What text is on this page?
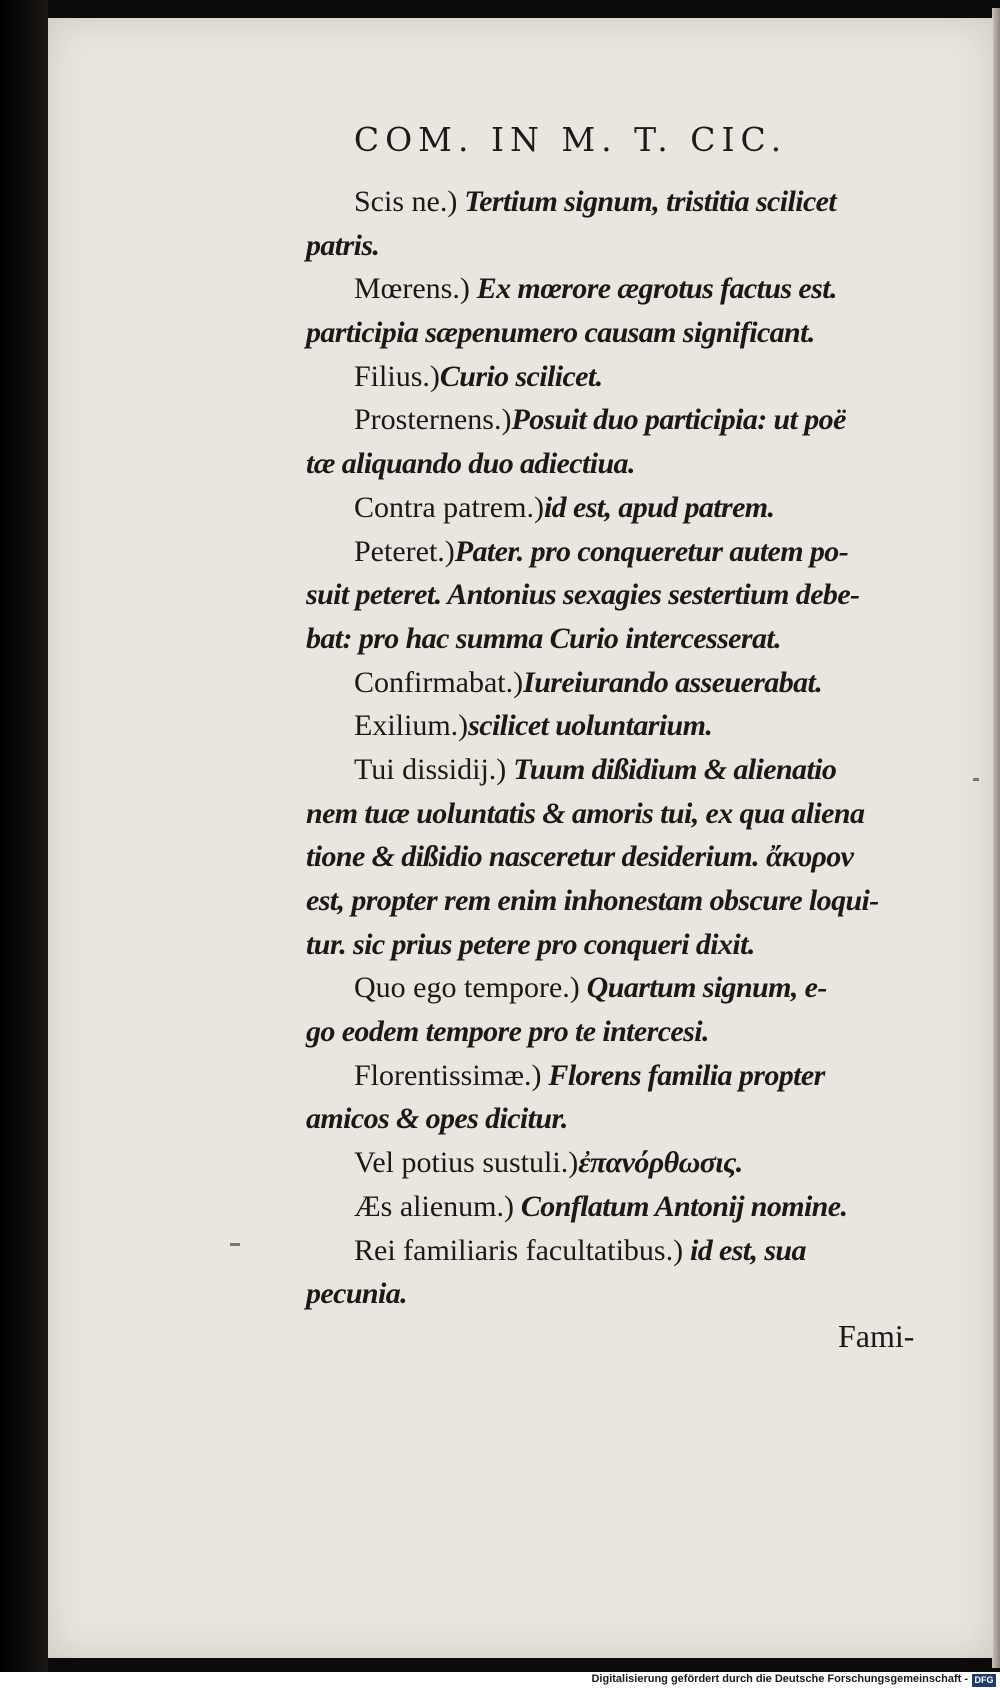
COM. IN M. T. CIC.
Scis ne.) Tertium signum, tristitia scilicet
patris.
Mœrens.) Ex mœrore ægrotus factus est.
participia sæpenumero causam significant.
Filius.)Curio scilicet.
Prosternens.)Posuit duo participia: ut poë
tæ aliquando duo adiectiua.
Contra patrem.)id est, apud patrem.
Peteret.)Pater. pro conqueretur autem po-
suit peteret. Antonius sexagies sestertium debe-
bat: pro hac summa Curio intercesserat.
Confirmabat.)Iureiurando asseuerabat.
Exilium.)scilicet uoluntarium.
Tui dissidij.) Tuum dißidium & alienatio
nem tuæ uoluntatis & amoris tui, ex qua aliena
tione & dißidio nasceretur desiderium. ἄκυρον
est, propter rem enim inhonestam obscure loqui-
tur. sic prius petere pro conqueri dixit.
Quo ego tempore.) Quartum signum, e-
go eodem tempore pro te intercesi.
Florentissimæ.) Florens familia propter
amicos & opes dicitur.
Vel potius sustuli.)ἐπανόρθωσις.
Æs alienum.) Conflatum Antonij nomine.
Rei familiaris facultatibus.) id est, sua
pecunia.
Fami-
Digitalisierung gefördert durch die Deutsche Forschungsgemeinschaft - DFG
